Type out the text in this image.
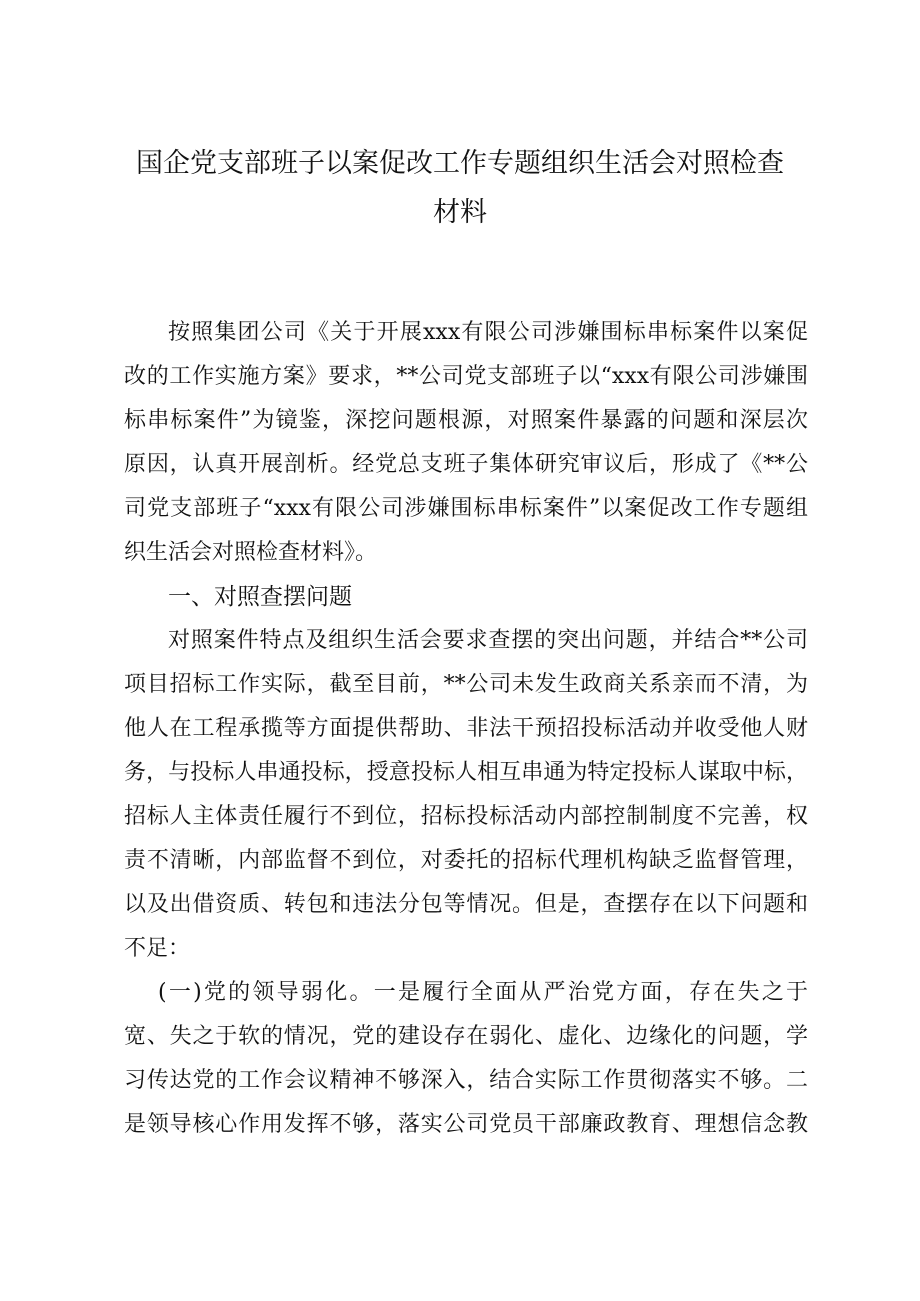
国企党支部班子以案促改工作专题组织生活会对照检查
材料
按照集团公司《关于开展xxx有限公司涉嫌围标串标案件以案促
改的工作实施方案》要求，**公司党支部班子以“xxx有限公司涉嫌围
标串标案件”为镜鉴，深挖问题根源，对照案件暴露的问题和深层次
原因，认真开展剖析。经党总支班子集体研究审议后，形成了《**公
司党支部班子“xxx有限公司涉嫌围标串标案件”以案促改工作专题组
织生活会对照检查材料》。
一、对照查摆问题
对照案件特点及组织生活会要求查摆的突出问题，并结合**公司
项目招标工作实际，截至目前，**公司未发生政商关系亲而不清，为
他人在工程承揽等方面提供帮助、非法干预招投标活动并收受他人财
务，与投标人串通投标，授意投标人相互串通为特定投标人谋取中标，
招标人主体责任履行不到位，招标投标活动内部控制制度不完善，权
责不清晰，内部监督不到位，对委托的招标代理机构缺乏监督管理，
以及出借资质、转包和违法分包等情况。但是，查摆存在以下问题和
不足：
(一)党的领导弱化。一是履行全面从严治党方面，存在失之于
宽、失之于软的情况，党的建设存在弱化、虚化、边缘化的问题，学
习传达党的工作会议精神不够深入，结合实际工作贯彻落实不够。二
是领导核心作用发挥不够，落实公司党员干部廉政教育、理想信念教
